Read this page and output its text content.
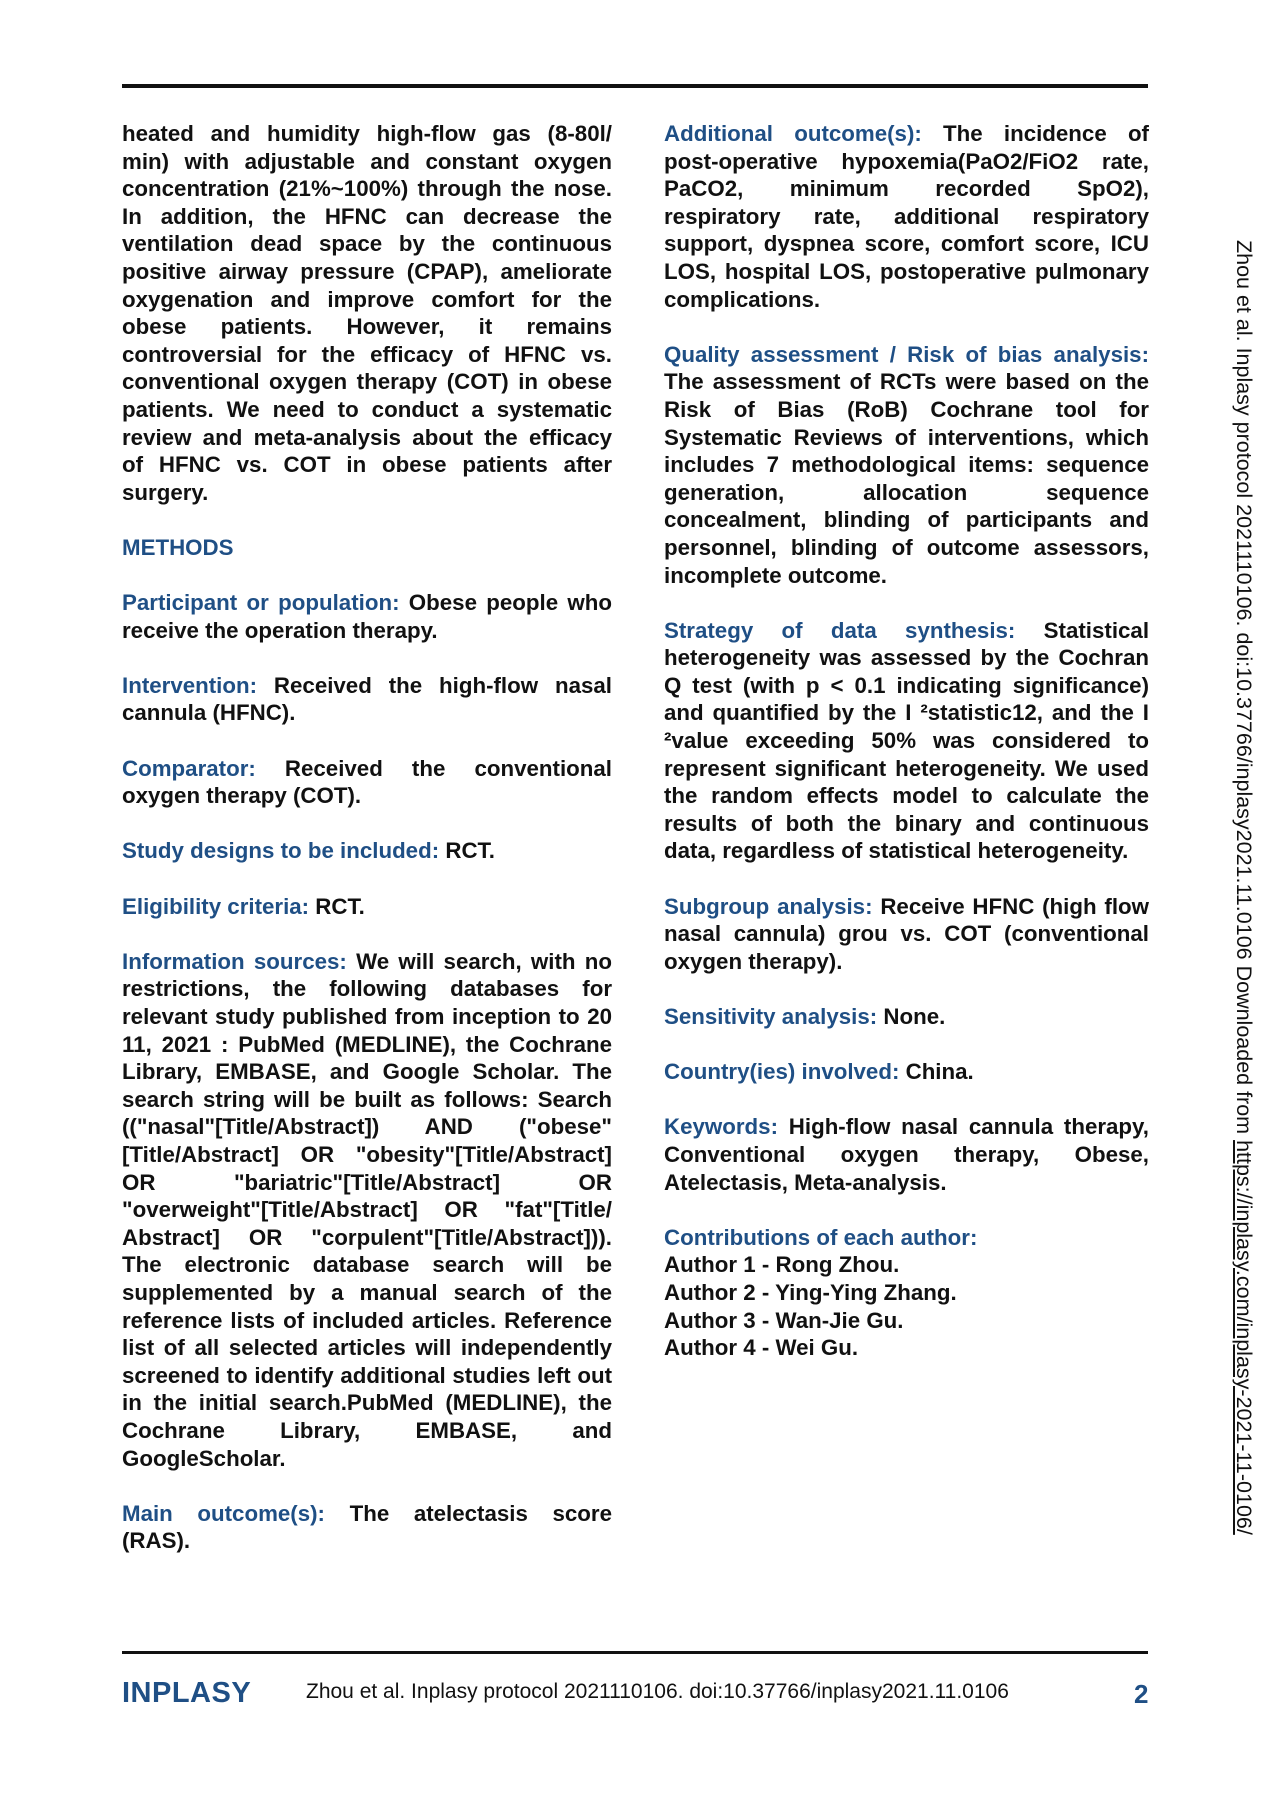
heated and humidity high-flow gas (8-80l/ min) with adjustable and constant oxygen concentration (21%~100%) through the nose. In addition, the HFNC can decrease the ventilation dead space by the continuous positive airway pressure (CPAP), ameliorate oxygenation and improve comfort for the obese patients. However, it remains controversial for the efficacy of HFNC vs. conventional oxygen therapy (COT) in obese patients. We need to conduct a systematic review and meta-analysis about the efficacy of HFNC vs. COT in obese patients after surgery.

METHODS

Participant or population: Obese people who receive the operation therapy.

Intervention: Received the high-flow nasal cannula (HFNC).

Comparator: Received the conventional oxygen therapy (COT).

Study designs to be included: RCT.

Eligibility criteria: RCT.

Information sources: We will search, with no restrictions, the following databases for relevant study published from inception to 20 11, 2021 : PubMed (MEDLINE), the Cochrane Library, EMBASE, and Google Scholar. The search string will be built as follows: Search (("nasal"[Title/Abstract]) AND ("obese"[Title/Abstract] OR "obesity"[Title/Abstract] OR "bariatric"[Title/Abstract] OR "overweight"[Title/Abstract] OR "fat"[Title/ Abstract] OR "corpulent"[Title/Abstract])). The electronic database search will be supplemented by a manual search of the reference lists of included articles. Reference list of all selected articles will independently screened to identify additional studies left out in the initial search.PubMed (MEDLINE), the Cochrane Library, EMBASE, and GoogleScholar.

Main outcome(s): The atelectasis score (RAS).

Additional outcome(s): The incidence of post-operative hypoxemia(PaO2/FiO2 rate, PaCO2, minimum recorded SpO2), respiratory rate, additional respiratory support, dyspnea score, comfort score, ICU LOS, hospital LOS, postoperative pulmonary complications.

Quality assessment / Risk of bias analysis: The assessment of RCTs were based on the Risk of Bias (RoB) Cochrane tool for Systematic Reviews of interventions, which includes 7 methodological items: sequence generation, allocation sequence concealment, blinding of participants and personnel, blinding of outcome assessors, incomplete outcome.

Strategy of data synthesis: Statistical heterogeneity was assessed by the Cochran Q test (with p < 0.1 indicating significance) and quantified by the I ²statistic12, and the I ²value exceeding 50% was considered to represent significant heterogeneity. We used the random effects model to calculate the results of both the binary and continuous data, regardless of statistical heterogeneity.

Subgroup analysis: Receive HFNC (high flow nasal cannula) grou vs. COT (conventional oxygen therapy).

Sensitivity analysis: None.

Country(ies) involved: China.

Keywords: High-flow nasal cannula therapy, Conventional oxygen therapy, Obese, Atelectasis, Meta-analysis.

Contributions of each author:
Author 1 - Rong Zhou.
Author 2 - Ying-Ying Zhang.
Author 3 - Wan-Jie Gu.
Author 4 - Wei Gu.

Zhou et al. Inplasy protocol 2021110106. doi:10.37766/inplasy2021.11.0106 Downloaded from https://inplasy.com/inplasy-2021-11-0106/
INPLASY	Zhou et al. Inplasy protocol 2021110106. doi:10.37766/inplasy2021.11.0106	2
